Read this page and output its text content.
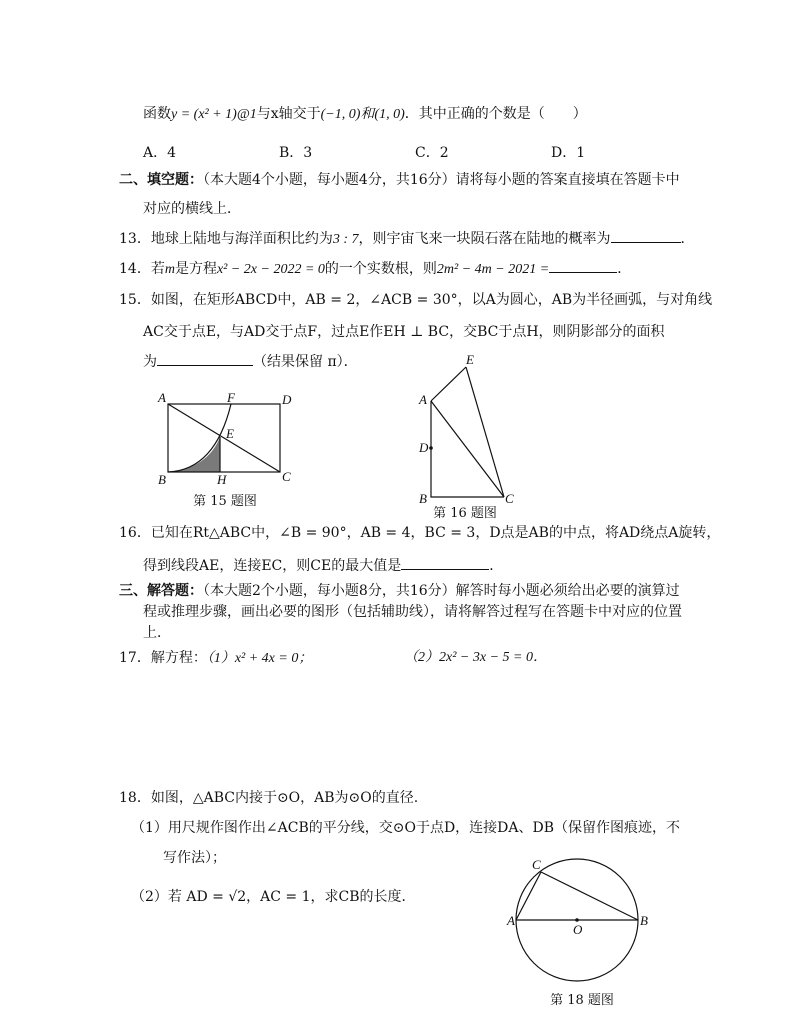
函数y = (x² + 1)@1与x轴交于(−1, 0)和(1, 0)．其中正确的个数是（　　）
A．4	B．3	C．2	D．1
二、填空题：（本大题4个小题，每小题4分，共16分）请将每小题的答案直接填在答题卡中
对应的横线上．
13．地球上陆地与海洋面积比约为3 : 7，则宇宙飞来一块陨石落在陆地的概率为	．
14．若m是方程x² − 2x − 2022 = 0的一个实数根，则2m² − 4m − 2021 =	．
15．如图，在矩形ABCD中，AB = 2，∠ACB = 30°，以A为圆心，AB为半径画弧，与对角线
AC交于点E，与AD交于点F，过点E作EH ⊥ BC，交BC于点H，则阴影部分的面积
为	（结果保留 π）．
A	F	D
E
B	H	C
第 15 题图
E
A
D
B	C
第 16 题图
16．已知在Rt△ABC中，∠B = 90°，AB = 4，BC = 3，D点是AB的中点，将AD绕点A旋转，
得到线段AE，连接EC，则CE的最大值是	．
三、解答题：（本大题2个小题，每小题8分，共16分）解答时每小题必须给出必要的演算过
程或推理步骤，画出必要的图形（包括辅助线），请将解答过程写在答题卡中对应的位置
上．
17．解方程：（1）x² + 4x = 0；	（2）2x² − 3x − 5 = 0．
18．如图，△ABC内接于⊙O，AB为⊙O的直径.
（1）用尺规作图作出∠ACB的平分线，交⊙O于点D，连接DA、DB（保留作图痕迹，不
写作法）；
（2）若 AD = √2，AC = 1，求CB的长度．
C
A
O
B
第 18 题图
